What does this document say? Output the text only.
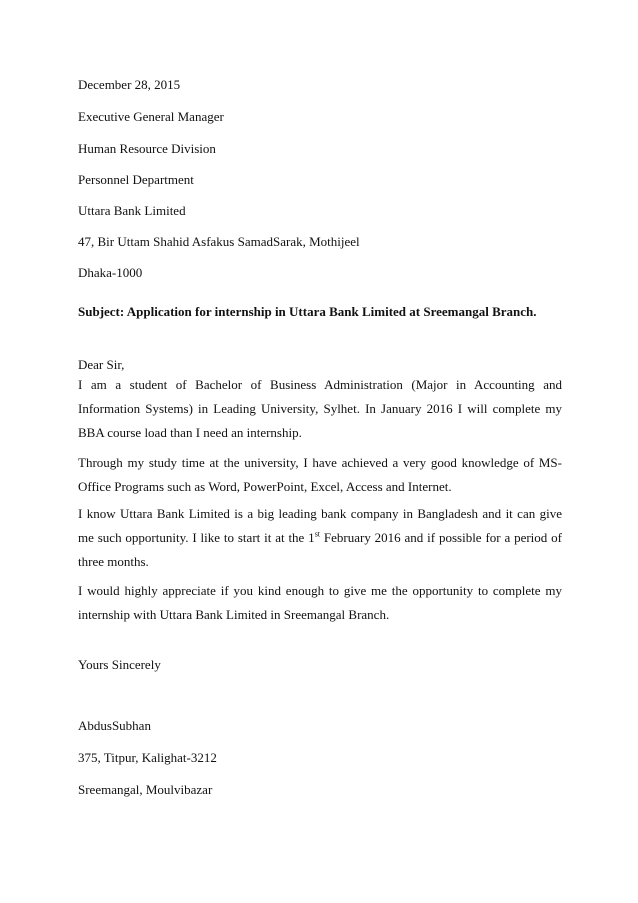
December 28, 2015

Executive General Manager

Human Resource Division

Personnel Department

Uttara Bank Limited

47, Bir Uttam Shahid Asfakus SamadSarak, Mothijeel

Dhaka-1000

Subject: Application for internship in Uttara Bank Limited at Sreemangal Branch.

Dear Sir,

I am a student of Bachelor of Business Administration (Major in Accounting and Information Systems) in Leading University, Sylhet. In January 2016 I will complete my BBA course load than I need an internship.

Through my study time at the university, I have achieved a very good knowledge of MS-Office Programs such as Word, PowerPoint, Excel, Access and Internet.

I know Uttara Bank Limited is a big leading bank company in Bangladesh and it can give me such opportunity. I like to start it at the 1st February 2016 and if possible for a period of three months.

I would highly appreciate if you kind enough to give me the opportunity to complete my internship with Uttara Bank Limited in Sreemangal Branch.

Yours Sincerely

AbdusSubhan

375, Titpur, Kalighat-3212

Sreemangal, Moulvibazar
